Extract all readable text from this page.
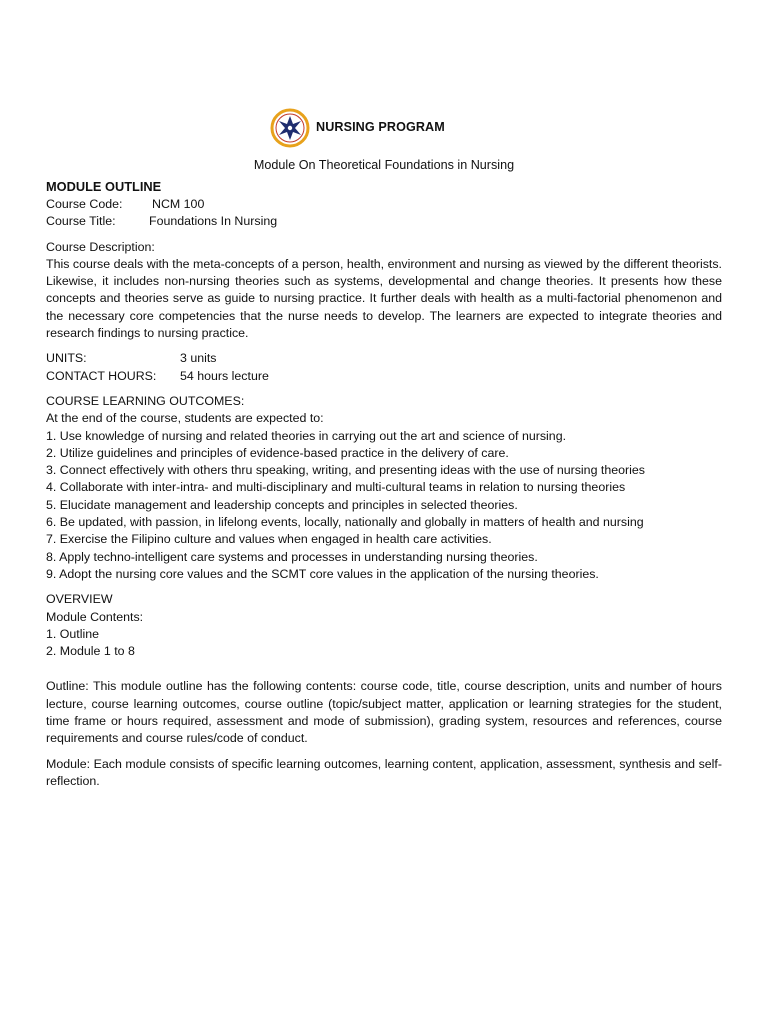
NURSING PROGRAM
Module On Theoretical Foundations in Nursing
MODULE OUTLINE
Course Code:	NCM 100
Course Title:	Foundations In Nursing

Course Description:

This course deals with the meta-concepts of a person, health, environment and nursing as viewed by the different theorists. Likewise, it includes non-nursing theories such as systems, developmental and change theories. It presents how these concepts and theories serve as guide to nursing practice. It further deals with health as a multi-factorial phenomenon and the necessary core competencies that the nurse needs to develop. The learners are expected to integrate theories and research findings to nursing practice.

UNITS:	3 units
CONTACT HOURS:	54 hours lecture

COURSE LEARNING OUTCOMES:

At the end of the course, students are expected to:

1. Use knowledge of nursing and related theories in carrying out the art and science of nursing.
2. Utilize guidelines and principles of evidence-based practice in the delivery of care.
3. Connect effectively with others thru speaking, writing, and presenting ideas with the use of nursing theories
4. Collaborate with inter-intra- and multi-disciplinary and multi-cultural teams in relation to nursing theories
5. Elucidate management and leadership concepts and principles in selected theories.
6. Be updated, with passion, in lifelong events, locally, nationally and globally in matters of health and nursing
7. Exercise the Filipino culture and values when engaged in health care activities.
8. Apply techno-intelligent care systems and processes in understanding nursing theories.
9. Adopt the nursing core values and the SCMT core values in the application of the nursing theories.

OVERVIEW

Module Contents:

1. Outline
2. Module 1 to 8

Outline: This module outline has the following contents: course code, title, course description, units and number of hours lecture, course learning outcomes, course outline (topic/subject matter, application or learning strategies for the student, time frame or hours required, assessment and mode of submission), grading system, resources and references, course requirements and course rules/code of conduct.

Module: Each module consists of specific learning outcomes, learning content, application, assessment, synthesis and self-reflection.
